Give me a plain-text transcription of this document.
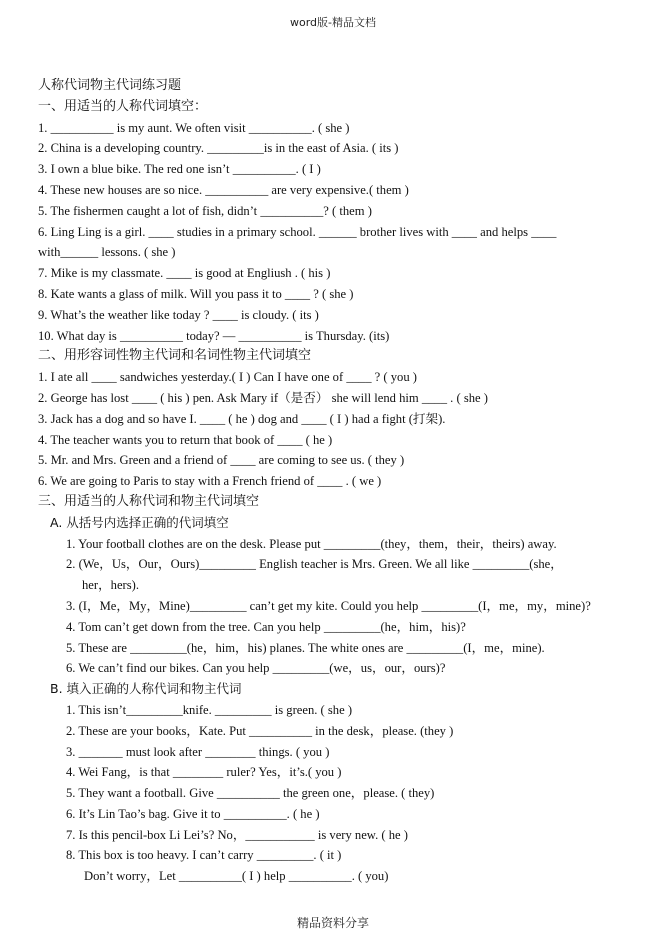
word版-精品文档
人称代词物主代词练习题
一、用适当的人称代词填空：
1. __________ is my aunt. We often visit __________. ( she )
2. China is a developing country. _________is in the east of Asia. ( its )
3. I own a blue bike. The red one isn’t __________. ( I )
4. These new houses are so nice. __________ are very expensive.( them )
5. The fishermen caught a lot of fish, didn’t __________? ( them )
6. Ling Ling is a girl. ____ studies in a primary school. ______ brother lives with ____ and helps ____
with______ lessons. ( she )
7. Mike is my classmate. ____ is good at Engliush . ( his )
8. Kate wants a glass of milk. Will you pass it to ____ ? ( she )
9. What’s the weather like today ? ____ is cloudy. ( its )
10. What day is __________ today? — __________ is Thursday. (its)
二、用形容词性物主代词和名词性物主代词填空
1. I ate all ____ sandwiches yesterday.( I ) Can I have one of ____ ? ( you )
2. George has lost ____ ( his ) pen. Ask Mary if（是否） she will lend him ____ . ( she )
3. Jack has a dog and so have I. ____ ( he ) dog and ____ ( I ) had a fight (打架).
4. The teacher wants you to return that book of ____ ( he )
5. Mr. and Mrs. Green and a friend of ____ are coming to see us. ( they )
6. We are going to Paris to stay with a French friend of ____ . ( we )
三、用适当的人称代词和物主代词填空
A. 从括号内选择正确的代词填空
1. Your football clothes are on the desk. Please put _________(they，them，their，theirs) away.
2. (We，Us，Our，Ours)_________ English teacher is Mrs. Green. We all like _________(she，
her，hers).
3. (I，Me，My，Mine)_________ can’t get my kite. Could you help _________(I，me，my，mine)?
4. Tom can’t get down from the tree. Can you help _________(he，him，his)?
5. These are _________(he，him，his) planes. The white ones are _________(I，me，mine).
6. We can’t find our bikes. Can you help _________(we，us，our，ours)?
B. 填入正确的人称代词和物主代词
1. This isn’t_________knife. _________ is green. ( she )
2. These are your books，Kate. Put __________ in the desk，please. (they )
3. _______ must look after ________ things. ( you )
4. Wei Fang，is that ________ ruler? Yes，it’s.( you )
5. They want a football. Give __________ the green one，please. ( they)
6. It’s Lin Tao’s bag. Give it to __________. ( he )
7. Is this pencil-box Li Lei’s? No，___________ is very new. ( he )
8. This box is too heavy. I can’t carry _________. ( it )
Don’t worry，Let __________( I ) help __________. ( you)
精品资料分享
